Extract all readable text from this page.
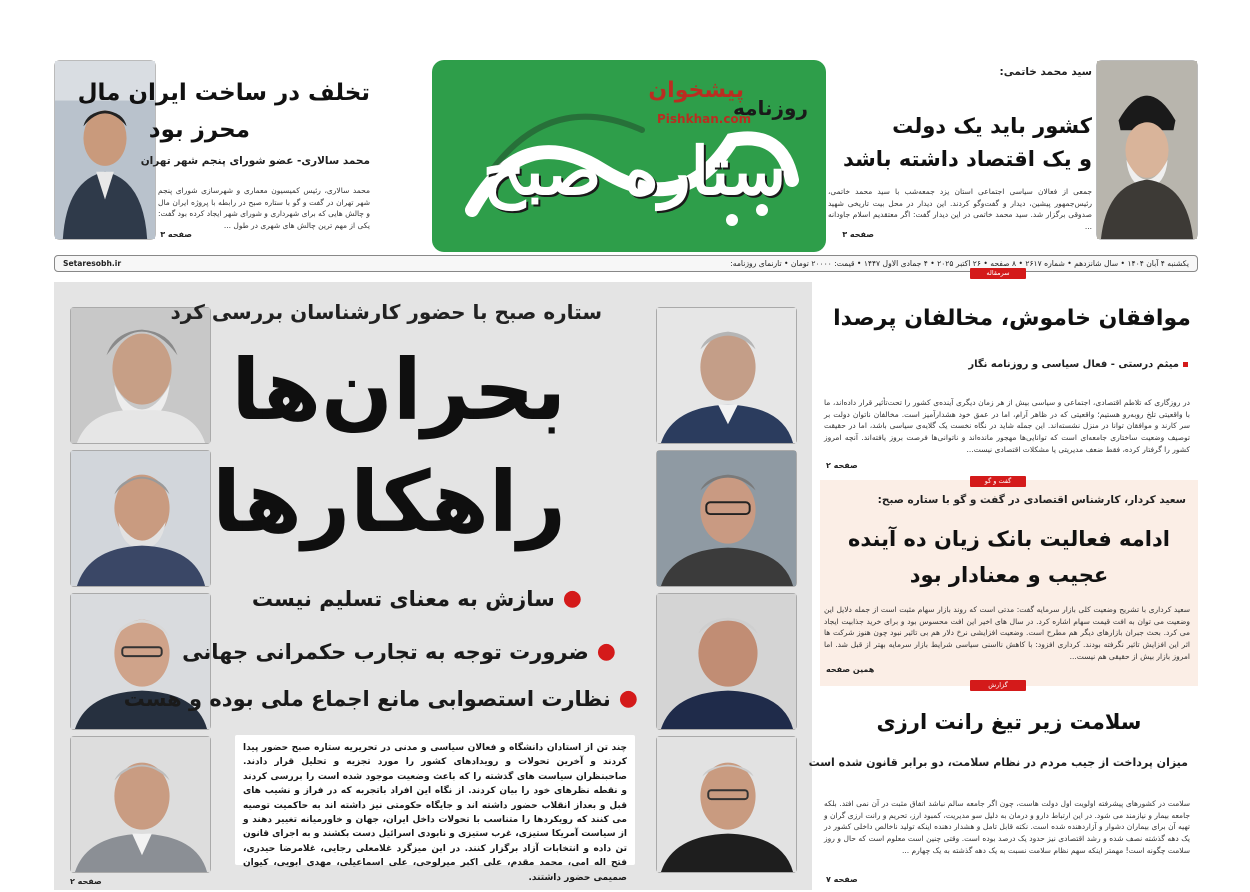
تخلف در ساخت ایران مال
محرز بود
محمد سالاری- عضو شورای پنجم شهر تهران
محمد سالاری، رئیس کمیسیون معماری و شهرسازی شورای پنجم شهر تهران در گفت و گو با ستاره صبح در رابطه با پروژه ایران مال و چالش هایی که برای شهرداری و شورای شهر ایجاد کرده بود گفت: یکی از مهم ترین چالش های شهری در طول ...
صفحه ۳
ستاره صبح
روزنامه
پیشخوان
Pishkhan.com
سید محمد خاتمی:
کشور باید یک دولت
و یک اقتصاد داشته باشد
جمعی از فعالان سیاسی اجتماعی استان یزد جمعه‌شب با سید محمد خاتمی، رئیس‌جمهور پیشین، دیدار و گفت‌وگو کردند. این دیدار در محل بیت تاریخی شهید صدوقی برگزار شد. سید محمد خاتمی در این دیدار گفت: اگر معتقدیم اسلام جاودانه ...
صفحه ۳
یکشنبه ۴ آبان ۱۴۰۴ • سال شانزدهم • شماره ۲۶۱۷ • ۸ صفحه • ۲۶ اکتبر ۲۰۲۵ • ۴ جمادی الاول ۱۴۴۷ • قیمت: ۲۰۰۰۰ تومان • تارنمای روزنامه:
Setaresobh.ir
ستاره صبح با حضور کارشناسان بررسی کرد
بحران‌ها
راهکارها
●
سازش به معنای تسلیم نیست
●
ضرورت توجه به تجارب حکمرانی جهانی
●
نظارت استصوابی مانع اجماع ملی بوده و هست
چند تن از استادان دانشگاه و فعالان سیاسی و مدنی در تحریریه ستاره صبح حضور پیدا کردند و آخرین تحولات و رویدادهای کشور را مورد تجزیه و تحلیل قرار دادند. صاحبنظران سیاست های گذشته را که باعث وضعیت موجود شده است را بررسی کردند و نقطه نظرهای خود را بیان کردند. از نگاه این افراد باتجربه که در فراز و نشیب های قبل و بعداز انقلاب حضور داشته اند و جایگاه حکومتی نیز داشته اند به حاکمیت توصیه می کنند که رویکردها را متناسب با تحولات داخل ایران، جهان و خاورمیانه تغییر دهند و از سیاست آمریکا ستیزی، غرب ستیزی و نابودی اسرائیل دست بکشند و به اجرای قانون تن داده و انتخابات آزاد برگزار کنند. در این میزگرد غلامعلی رجایی، غلامرضا حیدری، فتح اله امی، محمد مقدم، علی اکبر میرلوحی، علی اسماعیلی، مهدی ابویی، کیوان صمیمی حضور داشتند.
صفحه ۲
سرمقاله
موافقان خاموش، مخالفان پرصدا
میثم درستی - فعال سیاسی و روزنامه نگار
در روزگاری که تلاطم اقتصادی، اجتماعی و سیاسی بیش از هر زمان دیگری آینده‌ی کشور را تحت‌تأثیر قرار داده‌اند، ما با واقعیتی تلخ روبه‌رو هستیم؛ واقعیتی که در ظاهر آرام، اما در عمق خود هشدارآمیز است. مخالفان ناتوان دولت بر سر کارند و موافقان توانا در منزل نشسته‌اند. این جمله شاید در نگاه نخست یک گلایه‌ی سیاسی باشد، اما در حقیقت توصیف وضعیت ساختاری جامعه‌ای است که توانایی‌ها مهجور مانده‌اند و ناتوانی‌ها فرصت بروز یافته‌اند. آنچه امروز کشور را گرفتار کرده، فقط ضعف مدیریتی یا مشکلات اقتصادی نیست...
صفحه ۲
گفت و گو
سعید کردار، کارشناس اقتصادی در گفت و گو با ستاره صبح:
ادامه فعالیت بانک زیان ده آینده
عجیب و معنادار بود
سعید کرداری با تشریح وضعیت کلی بازار سرمایه گفت: مدتی است که روند بازار سهام مثبت است از جمله دلایل این وضعیت می توان به افت قیمت سهام اشاره کرد. در سال های اخیر این افت محسوس بود و برای خرید جذابیت ایجاد می کرد. بحث جبران بازارهای دیگر هم مطرح است. وضعیت افزایشی نرخ دلار هم بی تاثیر نبود چون هنوز شرکت ها اثر این افزایش تاثیر نگرفته بودند. کرداری افزود: با کاهش نااسنی سیاسی شرایط بازار سرمایه بهتر از قبل شد. اما امروز بازار بیش از حقیقی هم نیست...
همین صفحه
گزارش
سلامت زیر تیغ رانت ارزی
میزان پرداخت از جیب مردم در نظام سلامت، دو برابر قانون شده است
سلامت در کشورهای پیشرفته اولویت اول دولت هاست، چون اگر جامعه سالم نباشد اتفاق مثبت در آن نمی افتد. بلکه جامعه بیمار و نیازمند می شود. در این ارتباط دارو و درمان به دلیل سو مدیریت، کمبود ارز، تحریم و رانت ارزی گران و تهیه آن برای بیماران دشوار و آزاردهنده شده است. نکته قابل تامل و هشدار دهنده اینکه تولید ناخالص داخلی کشور در یک دهه گذشته نصف شده و رشد اقتصادی نیز حدود یک درصد بوده است. وقتی چنین است معلوم است که حال و روز سلامت چگونه است! مهمتر اینکه سهم نظام سلامت نسبت به یک دهه گذشته به یک چهارم ...
صفحه ۷
